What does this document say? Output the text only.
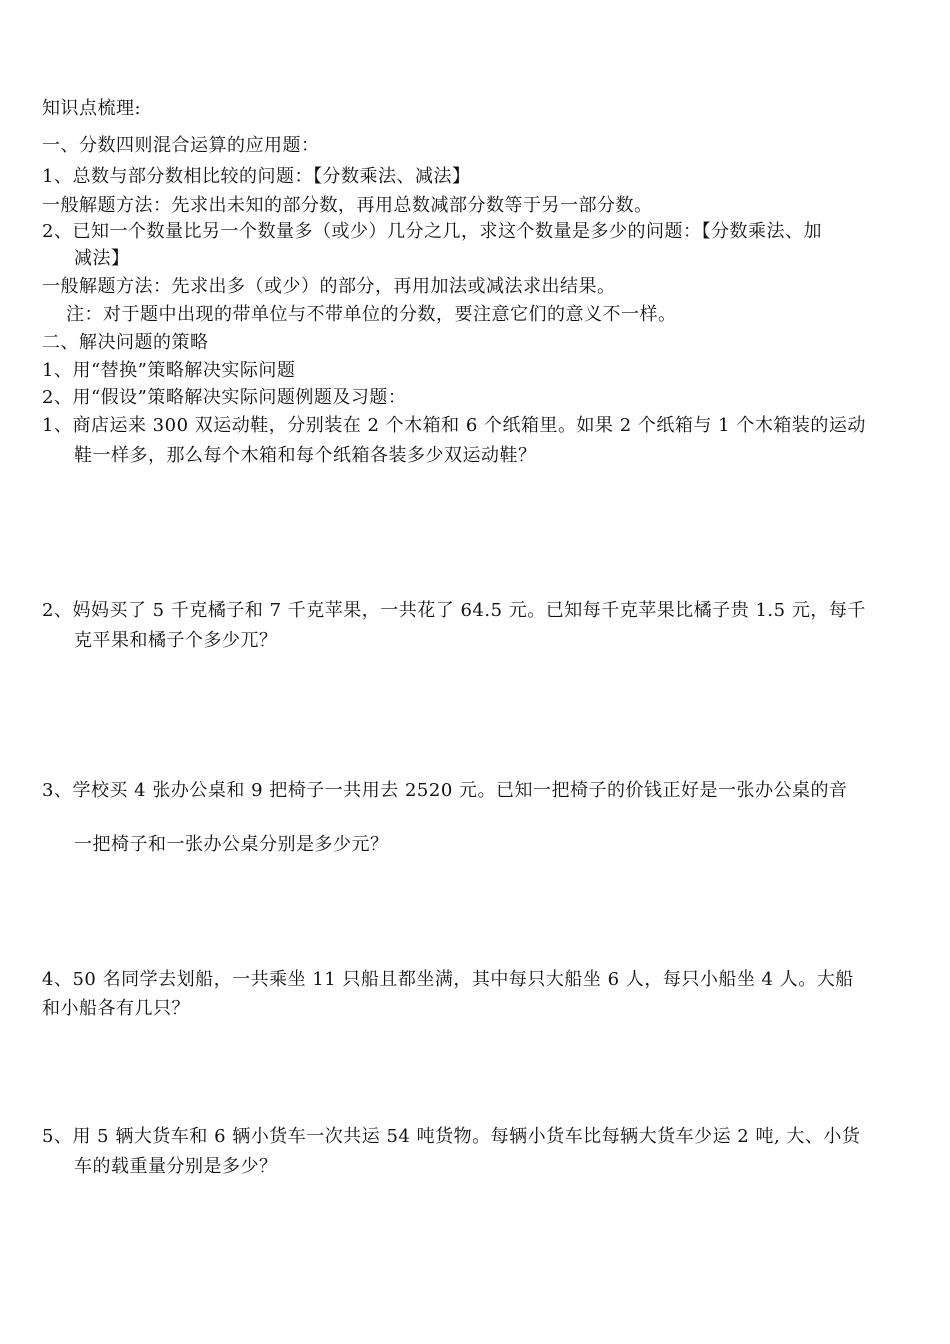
知识点梳理:
一、分数四则混合运算的应用题：
1、总数与部分数相比较的问题：【分数乘法、减法】
一般解题方法：先求出未知的部分数，再用总数减部分数等于另一部分数。
2、已知一个数量比另一个数量多（或少）几分之几，求这个数量是多少的问题：【分数乘法、加
减法】
一般解题方法：先求出多（或少）的部分，再用加法或减法求出结果。
注：对于题中出现的带单位与不带单位的分数，要注意它们的意义不一样。
二、解决问题的策略
1、用“替换”策略解决实际问题
2、用“假设”策略解决实际问题例题及习题：
1、商店运来 300 双运动鞋，分别装在 2 个木箱和 6 个纸箱里。如果 2 个纸箱与 1 个木箱装的运动
鞋一样多，那么每个木箱和每个纸箱各装多少双运动鞋？
2、妈妈买了 5 千克橘子和 7 千克苹果，一共花了 64.5 元。已知每千克苹果比橘子贵 1.5 元，每千
克平果和橘子个多少兀？
3、学校买 4 张办公桌和 9 把椅子一共用去 2520 元。已知一把椅子的价钱正好是一张办公桌的音
一把椅子和一张办公桌分别是多少元？
4、50 名同学去划船，一共乘坐 11 只船且都坐满，其中每只大船坐 6 人，每只小船坐 4 人。大船
和小船各有几只？
5、用 5 辆大货车和 6 辆小货车一次共运 54 吨货物。每辆小货车比每辆大货车少运 2 吨, 大、小货
车的载重量分别是多少？
